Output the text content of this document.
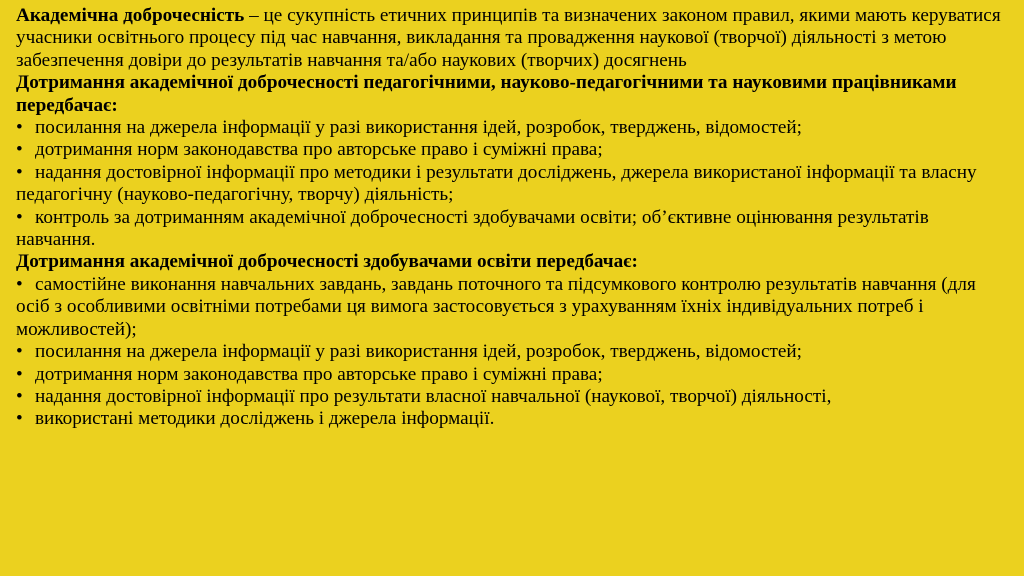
Академічна доброчесність – це сукупність етичних принципів та визначених законом правил, якими мають керуватися учасники освітнього процесу під час навчання, викладання та провадження наукової (творчої) діяльності з метою забезпечення довіри до результатів навчання та/або наукових (творчих) досягнень

Дотримання академічної доброчесності педагогічними, науково-педагогічними та науковими працівниками передбачає:

• посилання на джерела інформації у разі використання ідей, розробок, тверджень, відомостей;
• дотримання норм законодавства про авторське право і суміжні права;
• надання достовірної інформації про методики і результати досліджень, джерела використаної інформації та власну педагогічну (науково-педагогічну, творчу) діяльність;
• контроль за дотриманням академічної доброчесності здобувачами освіти; об’єктивне оцінювання результатів навчання.

Дотримання академічної доброчесності здобувачами освіти передбачає:

• самостійне виконання навчальних завдань, завдань поточного та підсумкового контролю результатів навчання (для осіб з особливими освітніми потребами ця вимога застосовується з урахуванням їхніх індивідуальних потреб і можливостей);
• посилання на джерела інформації у разі використання ідей, розробок, тверджень, відомостей;
• дотримання норм законодавства про авторське право і суміжні права;
• надання достовірної інформації про результати власної навчальної (наукової, творчої) діяльності,
• використані методики досліджень і джерела інформації.
